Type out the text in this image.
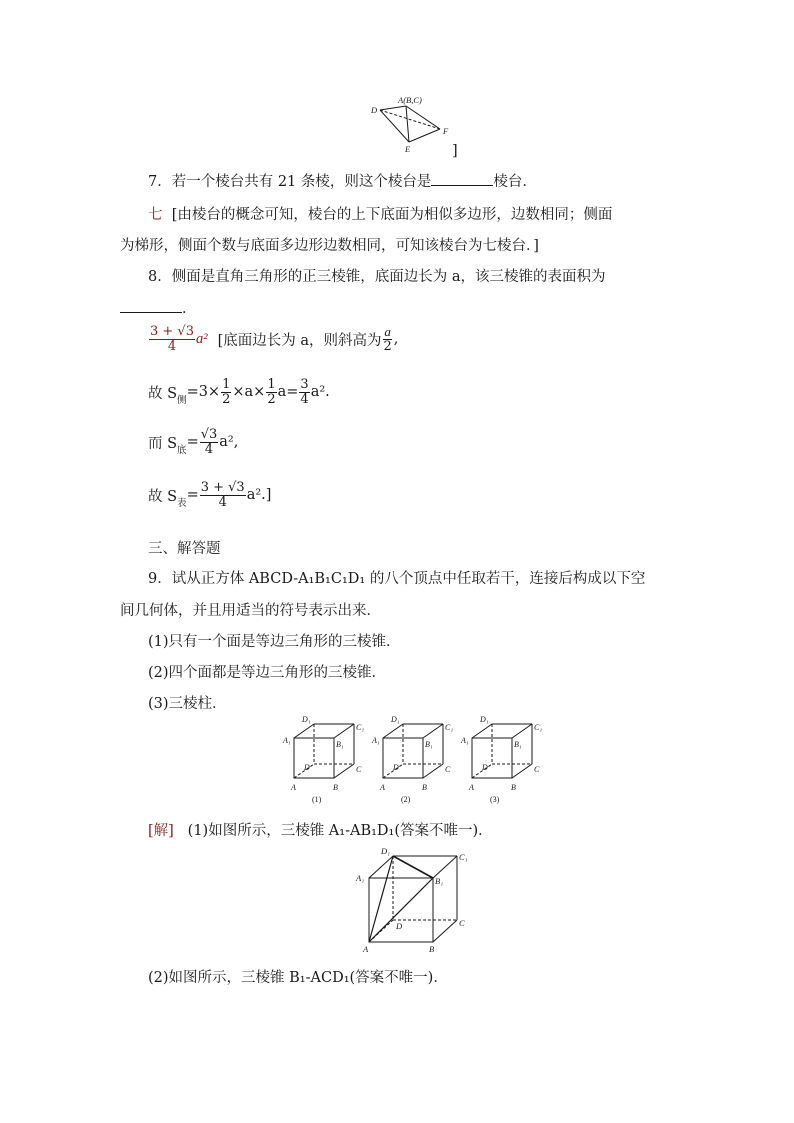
D
A(B,C)
F
E	]
7．若一个棱台共有 21 条棱，则这个棱台是	棱台．
七 [由棱台的概念可知，棱台的上下底面为相似多边形，边数相同；侧面
为梯形，侧面个数与底面多边形边数相同，可知该棱台为七棱台．]
8．侧面是直角三角形的正三棱锥，底面边长为 a，该三棱锥的表面积为
．
$\frac{3 + √3}{4} a^2$ [底面边长为 a，则斜高为 $\frac{a}{2}$ ,
故 $S_侧$
$=3\times \frac{1}{2} \times a\times \frac{1}{2} a= \frac{3}{4} a^2$.
而 $S_底$
= $\frac{√3}{4} a^2$,
故 $S_表$
= $\frac{3 + √3}{4} a^2$.]
三、解答题
9．试从正方体 ABCD-A₁B₁C₁D₁ 的八个顶点中任取若干，连接后构成以下空
间几何体，并且用适当的符号表示出来．
(1)只有一个面是等边三角形的三棱锥．
(2)四个面都是等边三角形的三棱锥．
(3)三棱柱．
D₁
C₁
A₁	B₁
D	C
A	B
(1)
D₁
C₁
A₁	B₁
D	C
A	B
(2)
D₁
C₁
A₁	B₁
D	C
A	B
(3)
[解] (1)如图所示，三棱锥 A₁-AB₁D₁(答案不唯一)．
D₁
C₁
A₁	B₁
D	C
A	B
(2)如图所示，三棱锥 B₁-ACD₁(答案不唯一)．
